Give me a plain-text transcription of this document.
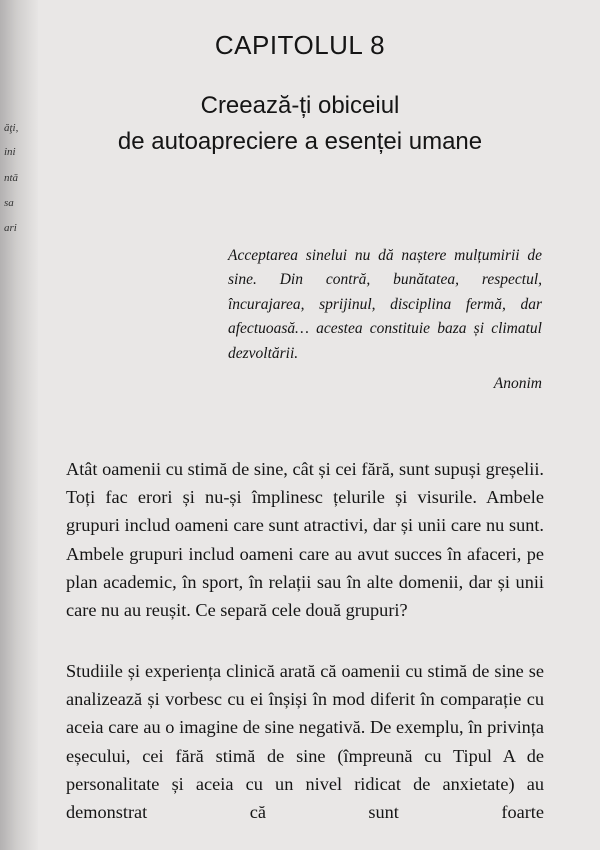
ăţi,
ini
ntă
sa
ari
CAPITOLUL 8
Creează-ți obiceiul
de autoapreciere a esenței umane
Acceptarea sinelui nu dă naștere mulțumirii de sine. Din contră, bunătatea, respectul, încurajarea, sprijinul, disciplina fermă, dar afectuoasă… acestea constituie baza și climatul dezvoltării.
Anonim

Atât oamenii cu stimă de sine, cât și cei fără, sunt supuși greșelii. Toți fac erori și nu-și împlinesc țelurile și visurile. Ambele grupuri includ oameni care sunt atractivi, dar și unii care nu sunt. Ambele grupuri includ oameni care au avut succes în afaceri, pe plan academic, în sport, în relații sau în alte domenii, dar și unii care nu au reușit. Ce separă cele două grupuri?

Studiile și experiența clinică arată că oamenii cu stimă de sine se analizează și vorbesc cu ei înșiși în mod diferit în comparație cu aceia care au o imagine de sine negativă. De exemplu, în privința eșecului, cei fără stimă de sine (împreună cu Tipul A de personalitate și aceia cu un nivel ridicat de anxietate) au demonstrat că sunt foarte
